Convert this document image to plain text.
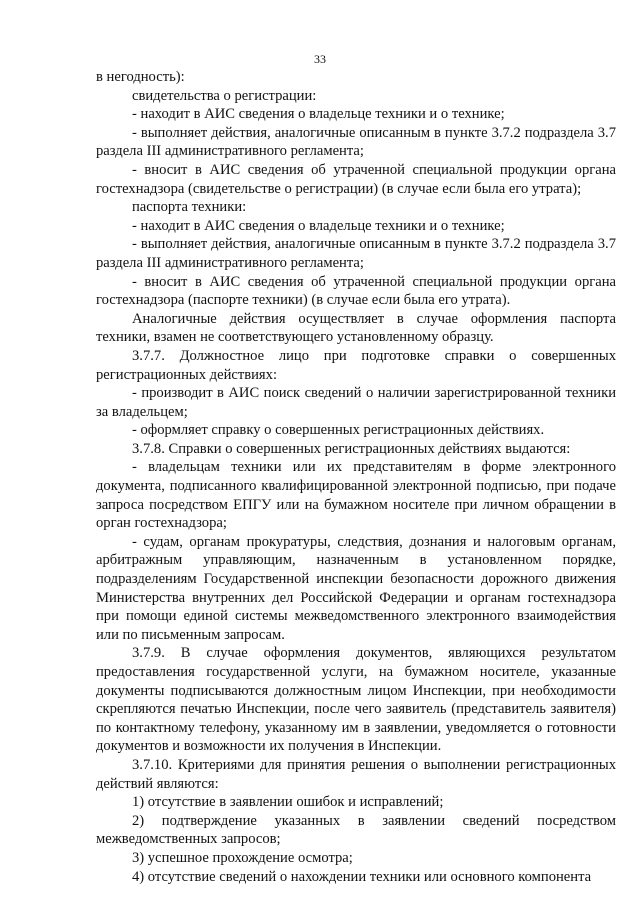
33

в негодность):

свидетельства о регистрации:

- находит в АИС сведения о владельце техники и о технике;

- выполняет действия, аналогичные описанным в пункте 3.7.2 подраздела 3.7 раздела III административного регламента;

- вносит в АИС сведения об утраченной специальной продукции органа гостехнадзора (свидетельстве о регистрации) (в случае если была его утрата);

паспорта техники:

- находит в АИС сведения о владельце техники и о технике;

- выполняет действия, аналогичные описанным в пункте 3.7.2 подраздела 3.7 раздела III административного регламента;

- вносит в АИС сведения об утраченной специальной продукции органа гостехнадзора (паспорте техники) (в случае если была его утрата).

Аналогичные действия осуществляет в случае оформления паспорта техники, взамен не соответствующего установленному образцу.

3.7.7. Должностное лицо при подготовке справки о совершенных регистрационных действиях:

- производит в АИС поиск сведений о наличии зарегистрированной техники за владельцем;

- оформляет справку о совершенных регистрационных действиях.

3.7.8. Справки о совершенных регистрационных действиях выдаются:

- владельцам техники или их представителям в форме электронного документа, подписанного квалифицированной электронной подписью, при подаче запроса посредством ЕПГУ или на бумажном носителе при личном обращении в орган гостехнадзора;

- судам, органам прокуратуры, следствия, дознания и налоговым органам, арбитражным управляющим, назначенным в установленном порядке, подразделениям Государственной инспекции безопасности дорожного движения Министерства внутренних дел Российской Федерации и органам гостехнадзора при помощи единой системы межведомственного электронного взаимодействия или по письменным запросам.

3.7.9. В случае оформления документов, являющихся результатом предоставления государственной услуги, на бумажном носителе, указанные документы подписываются должностным лицом Инспекции, при необходимости скрепляются печатью Инспекции, после чего заявитель (представитель заявителя) по контактному телефону, указанному им в заявлении, уведомляется о готовности документов и возможности их получения в Инспекции.

3.7.10. Критериями для принятия решения о выполнении регистрационных действий являются:

1) отсутствие в заявлении ошибок и исправлений;

2) подтверждение указанных в заявлении сведений посредством межведомственных запросов;

3) успешное прохождение осмотра;

4) отсутствие сведений о нахождении техники или основного компонента
